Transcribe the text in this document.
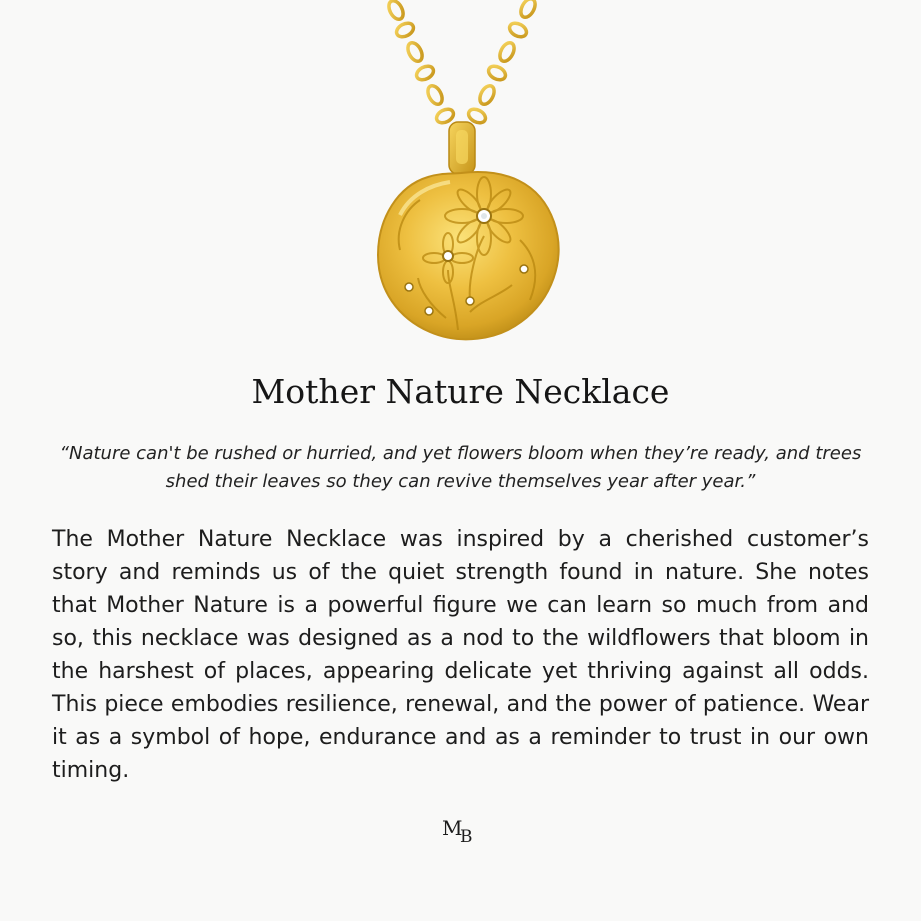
Mother Nature Necklace

“Nature can't be rushed or hurried, and yet flowers bloom when they’re ready, and trees shed their leaves so they can revive themselves year after year.”

The Mother Nature Necklace was inspired by a cherished customer’s story and reminds us of the quiet strength found in nature. She notes that Mother Nature is a powerful figure we can learn so much from and so, this necklace was designed as a nod to the wildflowers that bloom in the harshest of places, appearing delicate yet thriving against all odds. This piece embodies resilience, renewal, and the power of patience. Wear it as a symbol of hope, endurance and as a reminder to trust in our own timing.

M
B
